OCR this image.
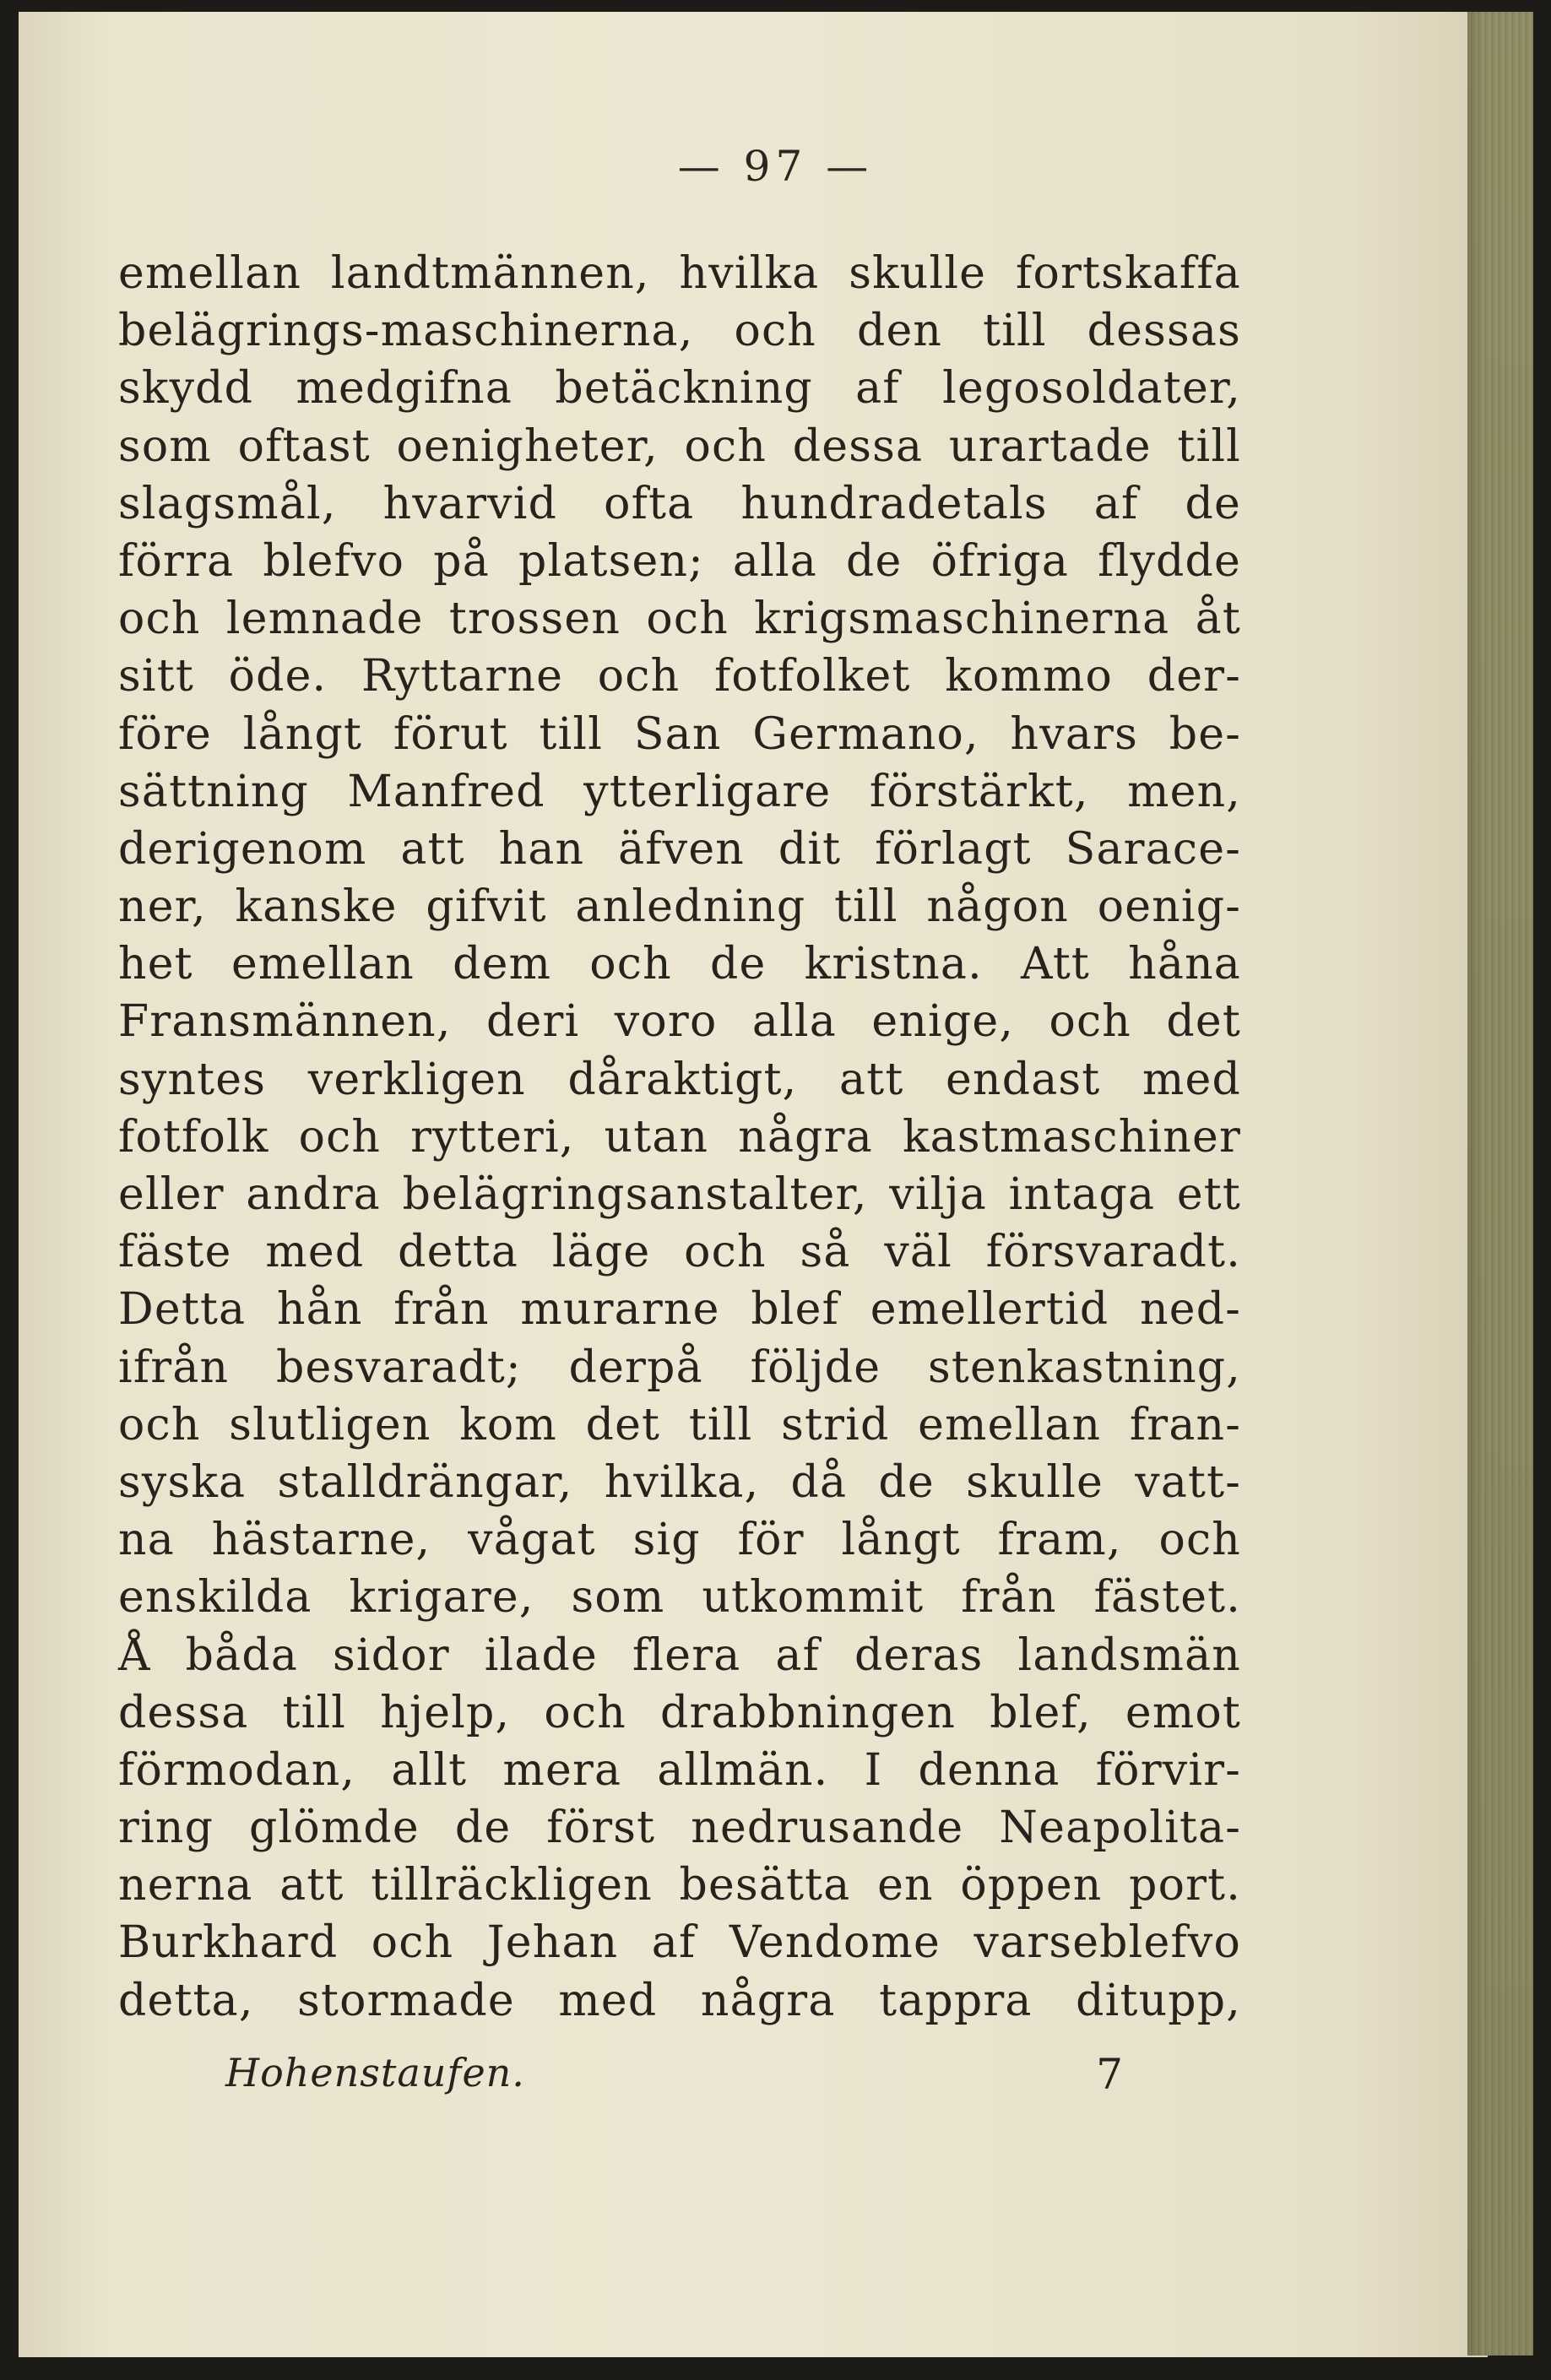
— 97 —
emellan landtmännen, hvilka skulle fortskaffa
belägrings-maschinerna, och den till dessas
skydd medgifna betäckning af legosoldater,
som oftast oenigheter, och dessa urartade till
slagsmål, hvarvid ofta hundradetals af de
förra blefvo på platsen; alla de öfriga flydde
och lemnade trossen och krigsmaschinerna åt
sitt öde. Ryttarne och fotfolket kommo der-
före långt förut till San Germano, hvars be-
sättning Manfred ytterligare förstärkt, men,
derigenom att han äfven dit förlagt Sarace-
ner, kanske gifvit anledning till någon oenig-
het emellan dem och de kristna. Att håna
Fransmännen, deri voro alla enige, och det
syntes verkligen dåraktigt, att endast med
fotfolk och rytteri, utan några kastmaschiner
eller andra belägringsanstalter, vilja intaga ett
fäste med detta läge och så väl försvaradt.
Detta hån från murarne blef emellertid ned-
ifrån besvaradt; derpå följde stenkastning,
och slutligen kom det till strid emellan fran-
syska stalldrängar, hvilka, då de skulle vatt-
na hästarne, vågat sig för långt fram, och
enskilda krigare, som utkommit från fästet.
Å båda sidor ilade flera af deras landsmän
dessa till hjelp, och drabbningen blef, emot
förmodan, allt mera allmän. I denna förvir-
ring glömde de först nedrusande Neapolita-
nerna att tillräckligen besätta en öppen port.
Burkhard och Jehan af Vendome varseblefvo
detta, stormade med några tappra ditupp,
Hohenstaufen.	7
